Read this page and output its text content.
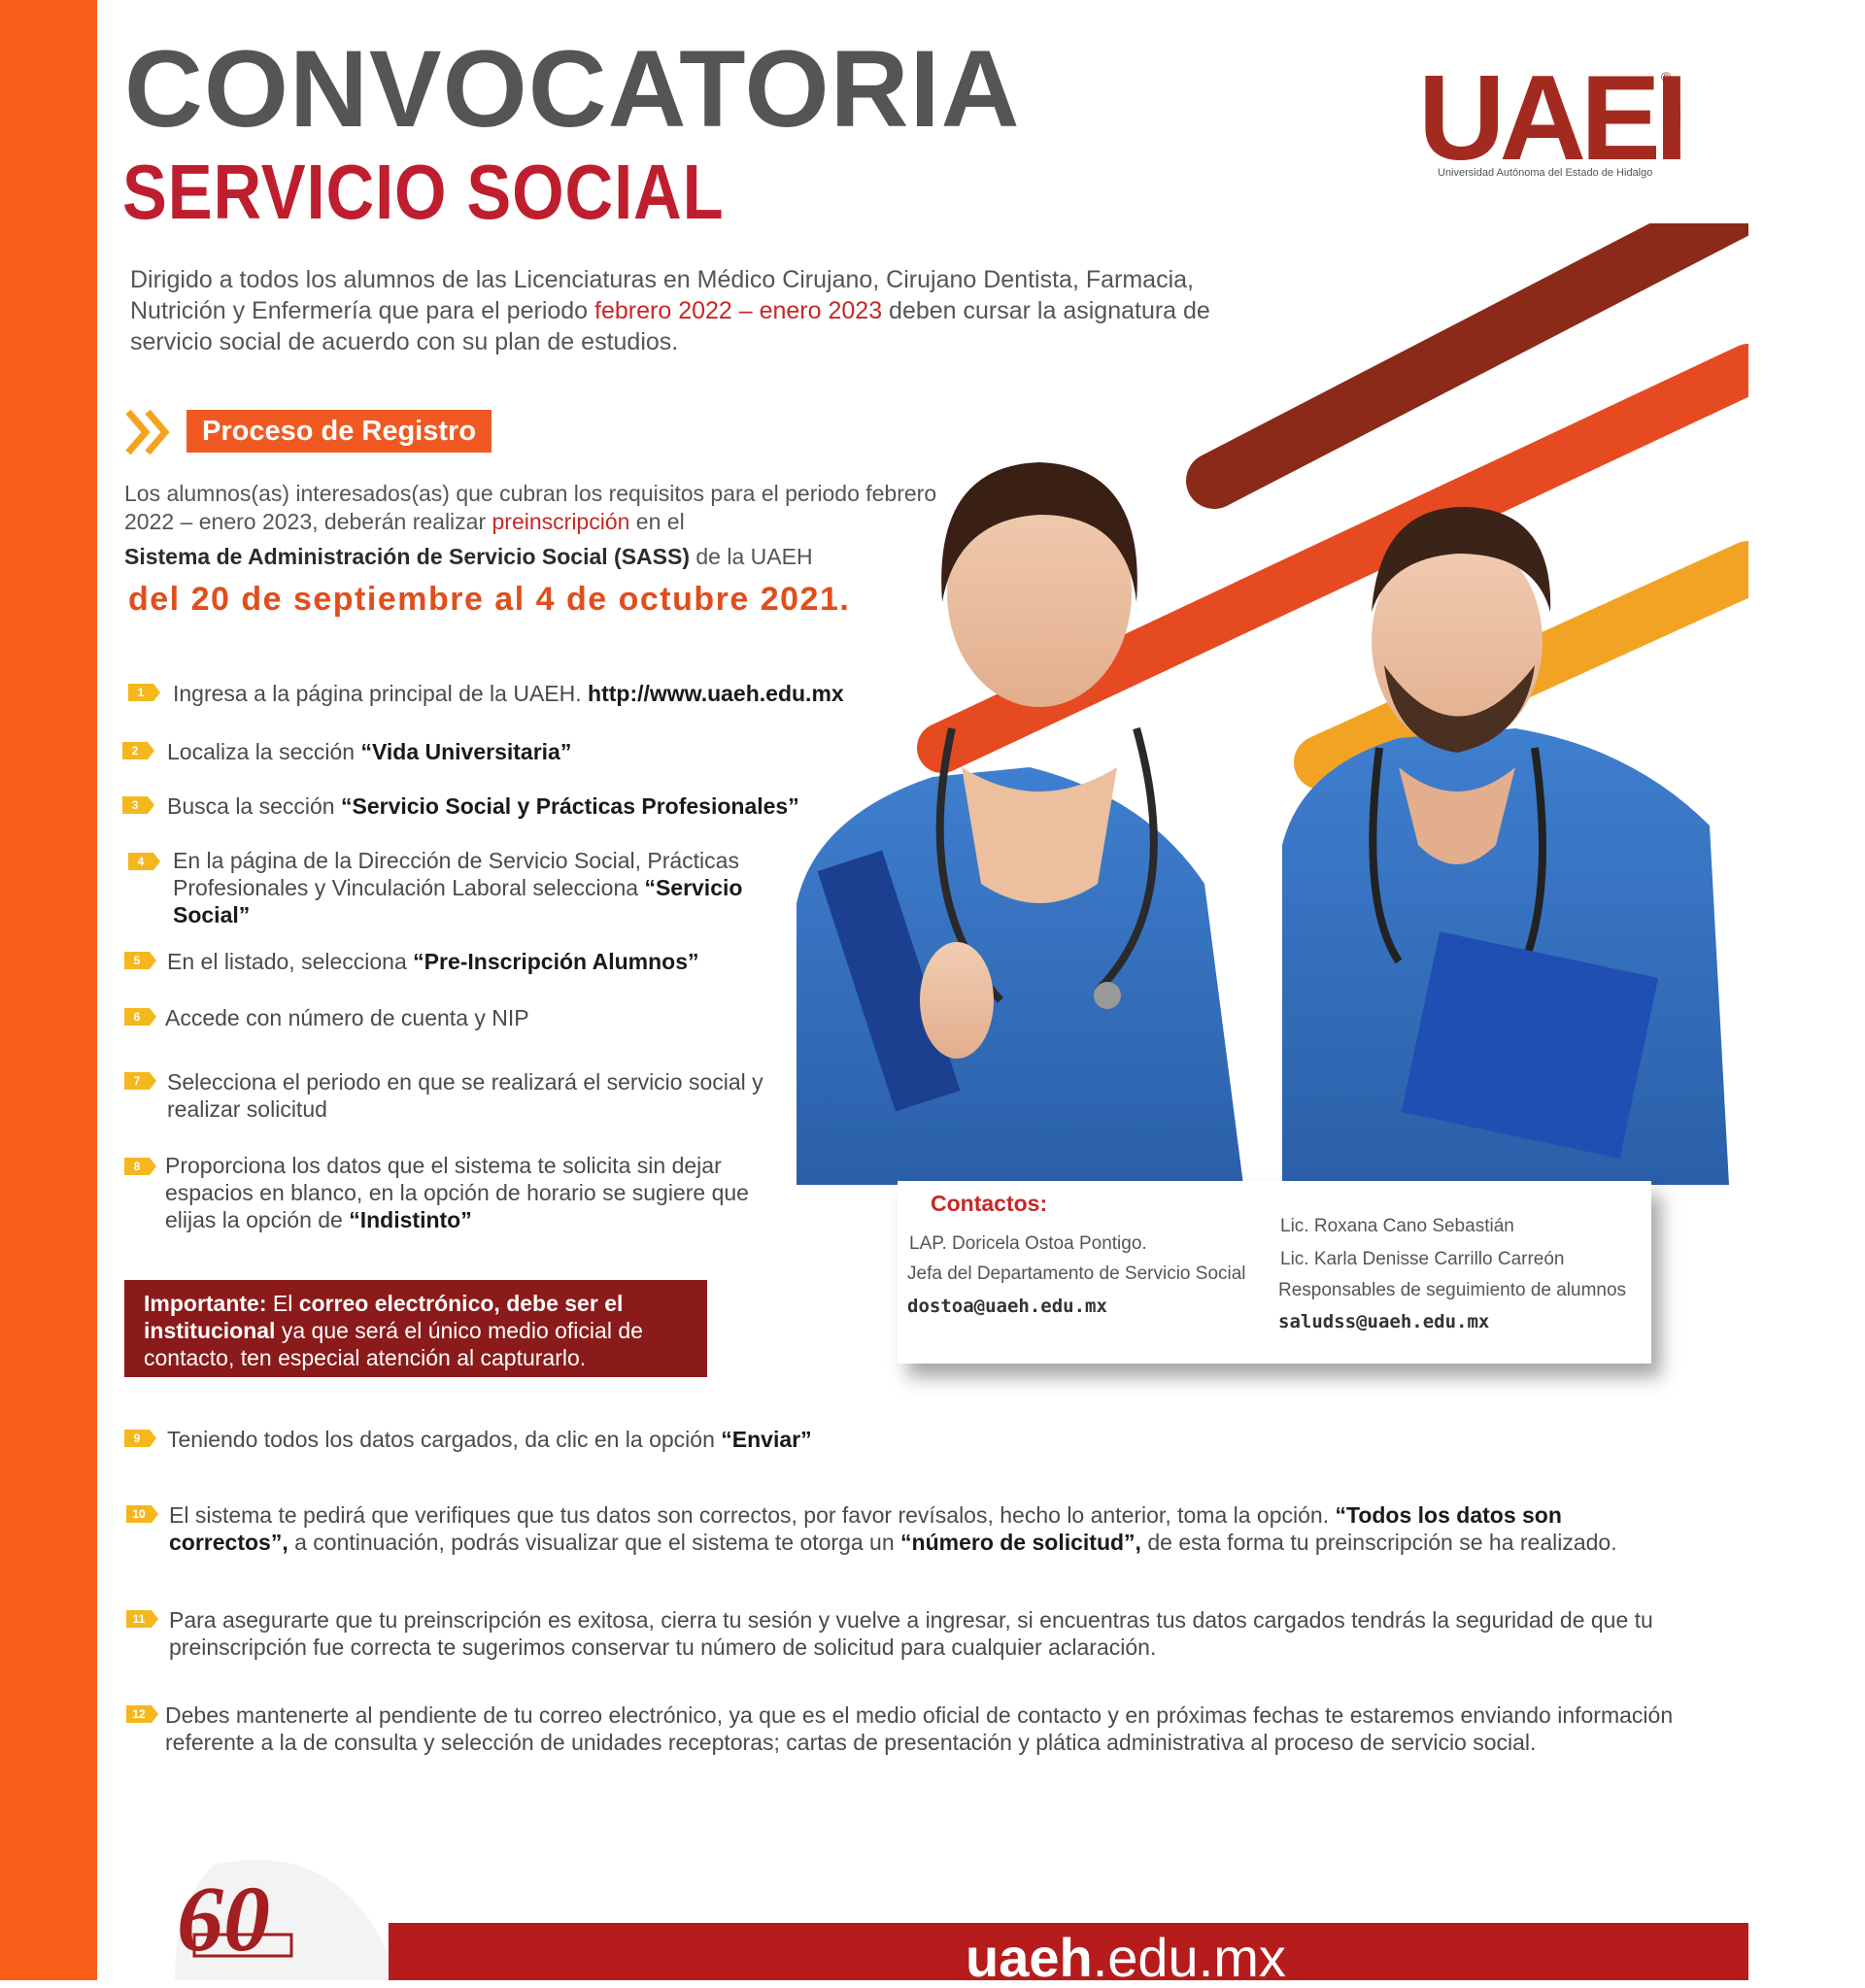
CONVOCATORIA
SERVICIO SOCIAL
UAE ®
Universidad Autónoma del Estado de Hidalgo
Dirigido a todos los alumnos de las Licenciaturas en Médico Cirujano, Cirujano Dentista, Farmacia, Nutrición y Enfermería que para el periodo febrero 2022 – enero 2023 deben cursar la asignatura de servicio social de acuerdo con su plan de estudios.
Proceso de Registro
Los alumnos(as) interesados(as) que cubran los requisitos para el periodo febrero 2022 – enero 2023, deberán realizar preinscripción en el
Sistema de Administración de Servicio Social (SASS) de la UAEH
del 20 de septiembre al 4 de octubre 2021.
1	Ingresa a la página principal de la UAEH. http://www.uaeh.edu.mx
2	Localiza la sección “Vida Universitaria”
3	Busca la sección “Servicio Social y Prácticas Profesionales”
4	En la página de la Dirección de Servicio Social, Prácticas Profesionales y Vinculación Laboral selecciona “Servicio Social”
5	En el listado, selecciona “Pre-Inscripción Alumnos”
6	Accede con número de cuenta y NIP
7	Selecciona el periodo en que se realizará el servicio social y realizar solicitud
8	Proporciona los datos que el sistema te solicita sin dejar espacios en blanco, en la opción de horario se sugiere que elijas la opción de “Indistinto”
Importante: El correo electrónico, debe ser el institucional ya que será el único medio oficial de contacto, ten especial atención al capturarlo.
Contactos:
LAP. Doricela Ostoa Pontigo.
Jefa del Departamento de Servicio Social
dostoa@uaeh.edu.mx
Lic. Roxana Cano Sebastián
Lic. Karla Denisse Carrillo Carreón
Responsables de seguimiento de alumnos
saludss@uaeh.edu.mx
9	Teniendo todos los datos cargados, da clic en la opción “Enviar”
10 El sistema te pedirá que verifiques que tus datos son correctos, por favor revísalos, hecho lo anterior, toma la opción. “Todos los datos son correctos”, a continuación, podrás visualizar que el sistema te otorga un “número de solicitud”, de esta forma tu preinscripción se ha realizado.
11 Para asegurarte que tu preinscripción es exitosa, cierra tu sesión y vuelve a ingresar, si encuentras tus datos cargados tendrás la seguridad de que tu preinscripción fue correcta te sugerimos conservar tu número de solicitud para cualquier aclaración.
12 Debes mantenerte al pendiente de tu correo electrónico, ya que es el medio oficial de contacto y en próximas fechas te estaremos enviando información referente a la de consulta y selección de unidades receptoras; cartas de presentación y plática administrativa al proceso de servicio social.
60	uaeh.edu.mx
